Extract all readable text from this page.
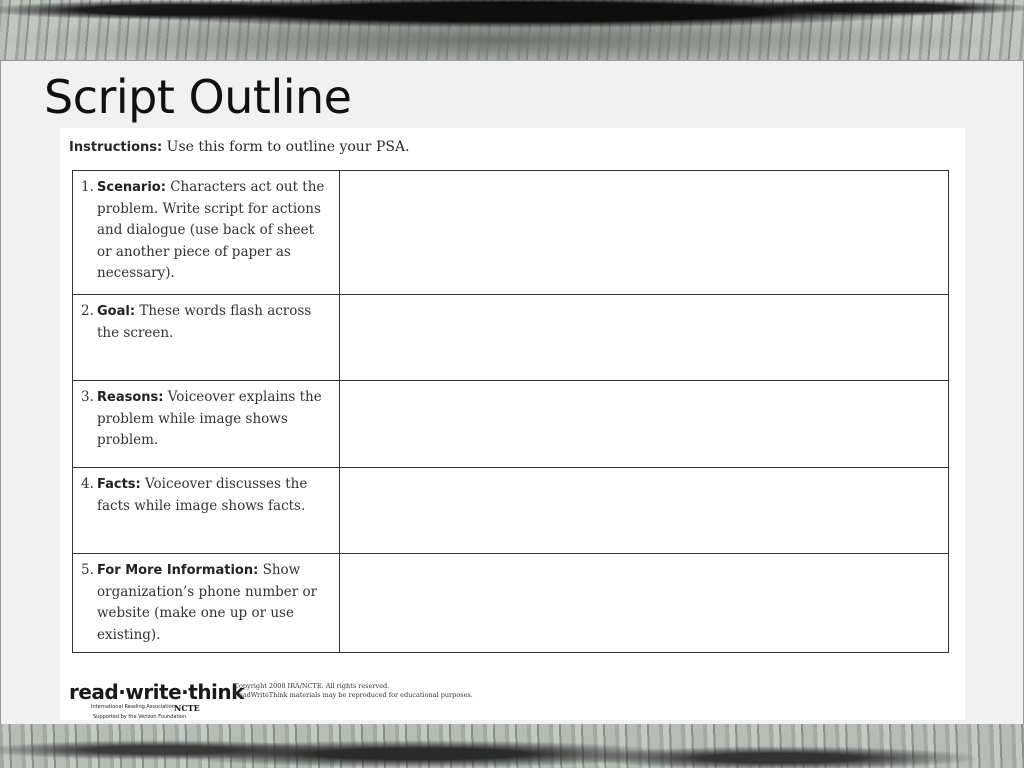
Script Outline

Instructions: Use this form to outline your PSA.

1. Scenario: Characters act out the problem. Write script for actions and dialogue (use back of sheet or another piece of paper as necessary).	

2. Goal: These words flash across the screen.	

3. Reasons: Voiceover explains the problem while image shows problem.	

4. Facts: Voiceover discusses the facts while image shows facts.	

5. For More Information: Show organization’s phone number or website (make one up or use existing).	

read·write·think
International Reading Association NCTE
Supported by the Verizon Foundation
Copyright 2008 IRA/NCTE. All rights reserved.
ReadWriteThink materials may be reproduced for educational purposes.
